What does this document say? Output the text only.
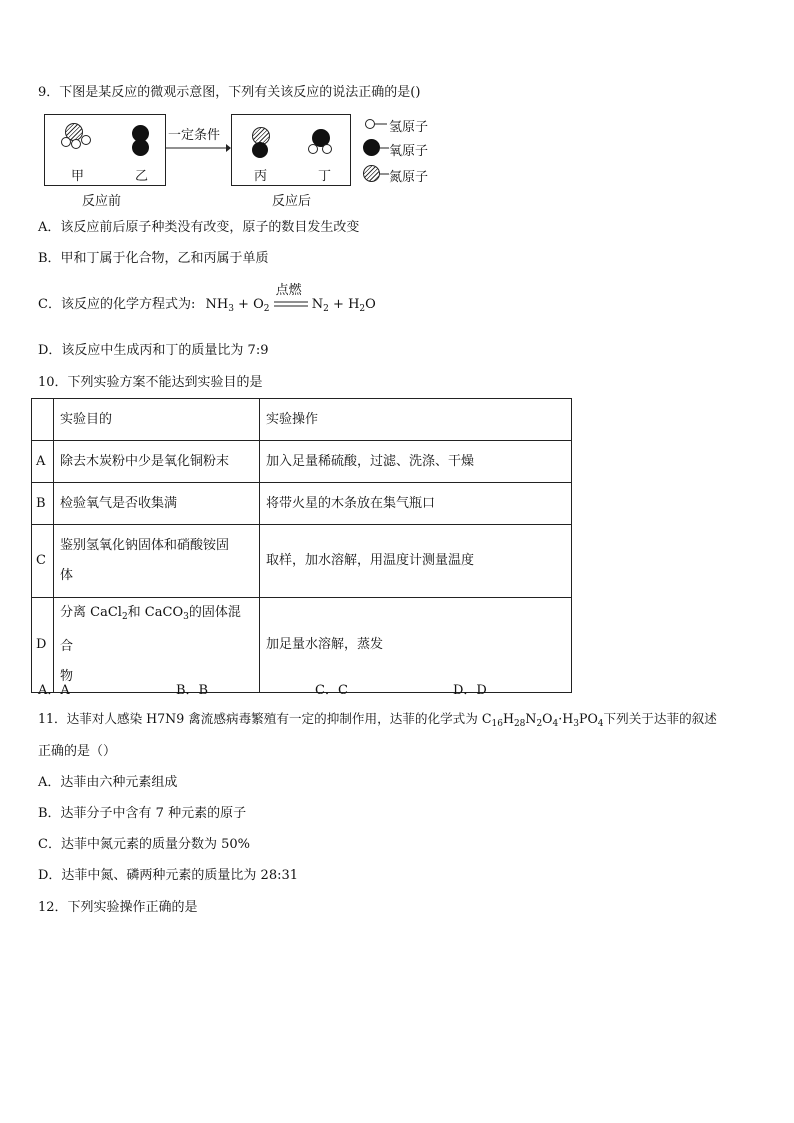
9．下图是某反应的微观示意图，下列有关该反应的说法正确的是()
甲	乙
一定条件
丙	丁
反应前	反应后
氢原子
氧原子
氮原子
A．该反应前后原子种类没有改变，原子的数目发生改变
B．甲和丁属于化合物，乙和丙属于单质
C．该反应的化学方程式为: $NH_3 + O_2$
点燃
$N_2 + H_2O$
D．该反应中生成丙和丁的质量比为 7:9
10．下列实验方案不能达到实验目的是
	实验目的	实验操作
A	除去木炭粉中少是氧化铜粉末	加入足量稀硫酸，过滤、洗涤、干燥
B	检验氧气是否收集满	将带火星的木条放在集气瓶口
C	鉴别氢氧化钠固体和硝酸铵固
体	取样，加水溶解，用温度计测量温度
D	分离 CaCl$_2$和 CaCO$_3$的固体混合
物	加足量水溶解，蒸发
A．A	B．B	C．C	D．D
11．达菲对人感染 H7N9 禽流感病毒繁殖有一定的抑制作用，达菲的化学式为 $C_{16}H_{28}N_2O_4\cdot H_3PO_4$下列关于达菲的叙述
正确的是（）
A．达菲由六种元素组成
B．达菲分子中含有 7 种元素的原子
C．达菲中氮元素的质量分数为 50%
D．达菲中氮、磷两种元素的质量比为 28:31
12．下列实验操作正确的是
